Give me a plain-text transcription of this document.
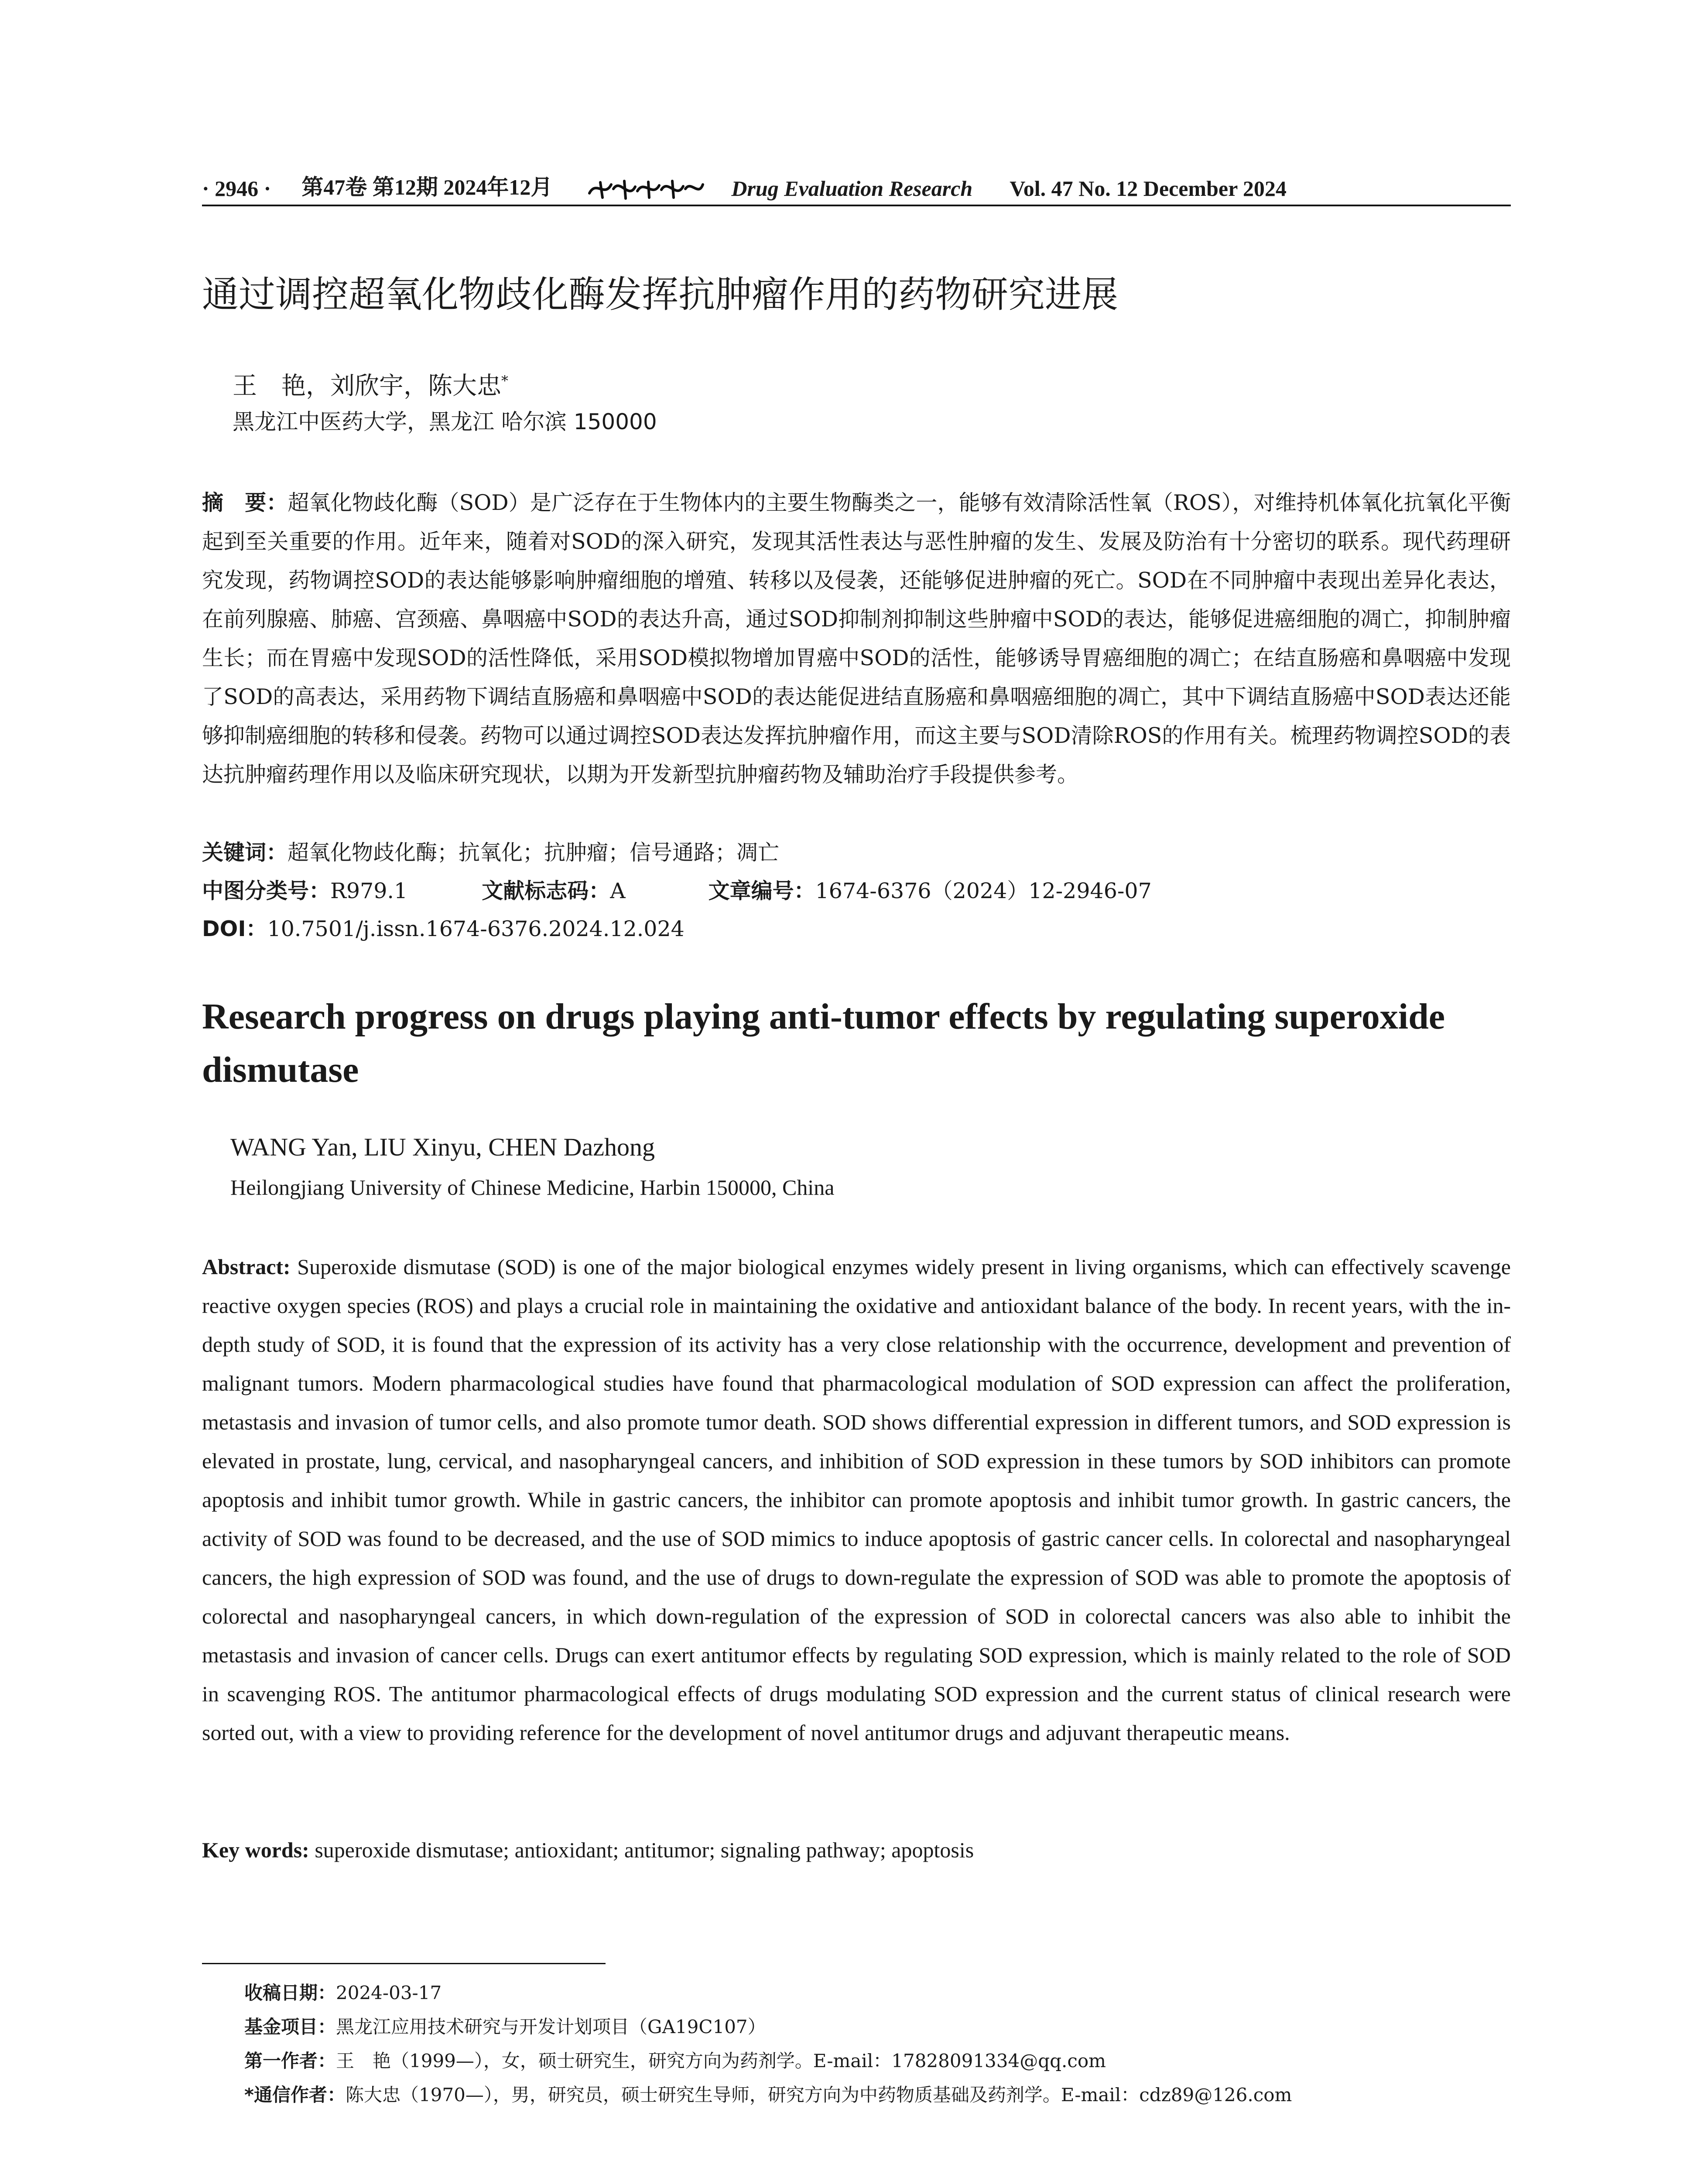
· 2946 · 第47卷 第12期 2024年12月	Drug Evaluation Research Vol. 47 No. 12 December 2024
通过调控超氧化物歧化酶发挥抗肿瘤作用的药物研究进展
王　艳，刘欣宇，陈大忠*
黑龙江中医药大学，黑龙江 哈尔滨 150000
摘　要：超氧化物歧化酶（SOD）是广泛存在于生物体内的主要生物酶类之一，能够有效清除活性氧（ROS），对维持机体氧化抗氧化平衡起到至关重要的作用。近年来，随着对SOD的深入研究，发现其活性表达与恶性肿瘤的发生、发展及防治有十分密切的联系。现代药理研究发现，药物调控SOD的表达能够影响肿瘤细胞的增殖、转移以及侵袭，还能够促进肿瘤的死亡。SOD在不同肿瘤中表现出差异化表达，在前列腺癌、肺癌、宫颈癌、鼻咽癌中SOD的表达升高，通过SOD抑制剂抑制这些肿瘤中SOD的表达，能够促进癌细胞的凋亡，抑制肿瘤生长；而在胃癌中发现SOD的活性降低，采用SOD模拟物增加胃癌中SOD的活性，能够诱导胃癌细胞的凋亡；在结直肠癌和鼻咽癌中发现了SOD的高表达，采用药物下调结直肠癌和鼻咽癌中SOD的表达能促进结直肠癌和鼻咽癌细胞的凋亡，其中下调结直肠癌中SOD表达还能够抑制癌细胞的转移和侵袭。药物可以通过调控SOD表达发挥抗肿瘤作用，而这主要与SOD清除ROS的作用有关。梳理药物调控SOD的表达抗肿瘤药理作用以及临床研究现状，以期为开发新型抗肿瘤药物及辅助治疗手段提供参考。
关键词：超氧化物歧化酶；抗氧化；抗肿瘤；信号通路；凋亡
中图分类号：R979.1	文献标志码：A	文章编号：1674-6376（2024）12-2946-07
DOI：10.7501/j.issn.1674-6376.2024.12.024
Research progress on drugs playing anti-tumor effects by regulating superoxide dismutase
WANG Yan, LIU Xinyu, CHEN Dazhong
Heilongjiang University of Chinese Medicine, Harbin 150000, China
Abstract: Superoxide dismutase (SOD) is one of the major biological enzymes widely present in living organisms, which can effectively scavenge reactive oxygen species (ROS) and plays a crucial role in maintaining the oxidative and antioxidant balance of the body. In recent years, with the in-depth study of SOD, it is found that the expression of its activity has a very close relationship with the occurrence, development and prevention of malignant tumors. Modern pharmacological studies have found that pharmacological modulation of SOD expression can affect the proliferation, metastasis and invasion of tumor cells, and also promote tumor death. SOD shows differential expression in different tumors, and SOD expression is elevated in prostate, lung, cervical, and nasopharyngeal cancers, and inhibition of SOD expression in these tumors by SOD inhibitors can promote apoptosis and inhibit tumor growth. While in gastric cancers, the inhibitor can promote apoptosis and inhibit tumor growth. In gastric cancers, the activity of SOD was found to be decreased, and the use of SOD mimics to induce apoptosis of gastric cancer cells. In colorectal and nasopharyngeal cancers, the high expression of SOD was found, and the use of drugs to down-regulate the expression of SOD was able to promote the apoptosis of colorectal and nasopharyngeal cancers, in which down-regulation of the expression of SOD in colorectal cancers was also able to inhibit the metastasis and invasion of cancer cells. Drugs can exert antitumor effects by regulating SOD expression, which is mainly related to the role of SOD in scavenging ROS. The antitumor pharmacological effects of drugs modulating SOD expression and the current status of clinical research were sorted out, with a view to providing reference for the development of novel antitumor drugs and adjuvant therapeutic means.
Key words: superoxide dismutase; antioxidant; antitumor; signaling pathway; apoptosis
收稿日期：2024-03-17
基金项目：黑龙江应用技术研究与开发计划项目（GA19C107）
第一作者：王　艳（1999—），女，硕士研究生，研究方向为药剂学。E-mail：17828091334@qq.com
*通信作者：陈大忠（1970—），男，研究员，硕士研究生导师，研究方向为中药物质基础及药剂学。E-mail：cdz89@126.com
